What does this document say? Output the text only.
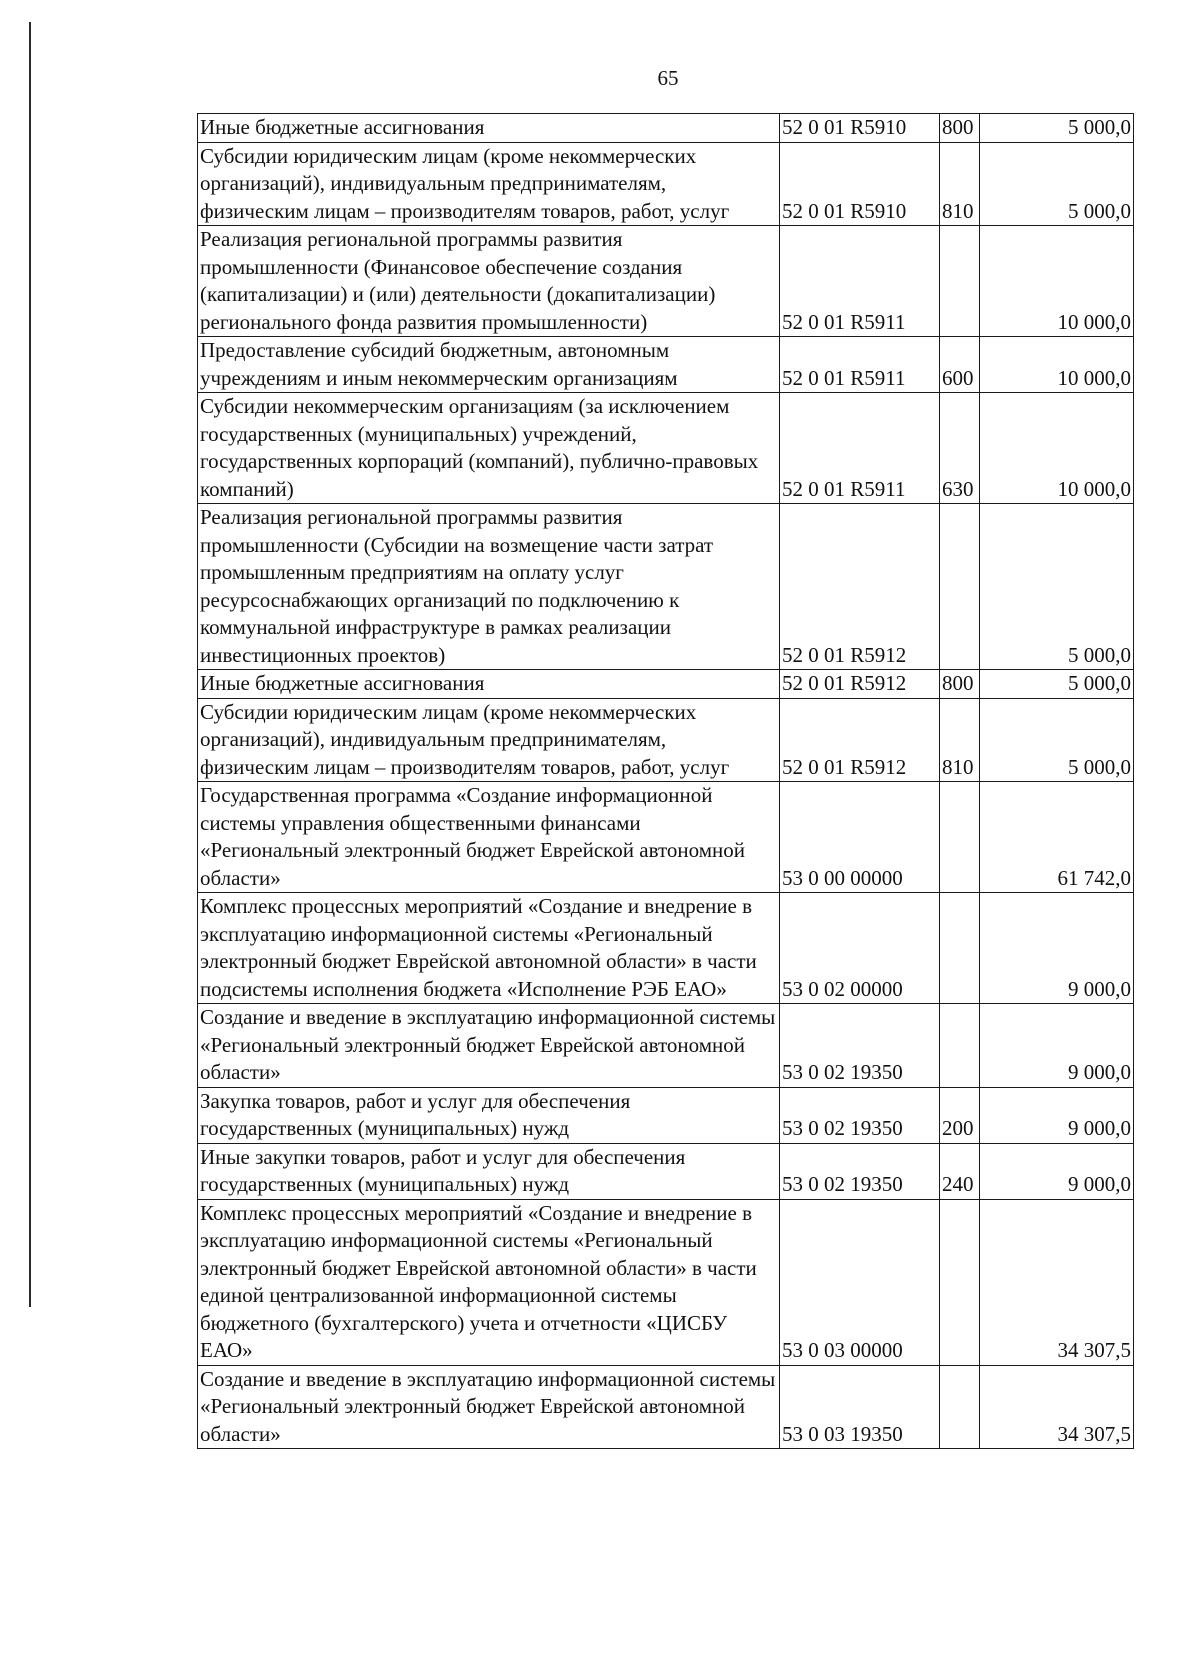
65
Иные бюджетные ассигнования	52 0 01 R5910	800	5 000,0
Субсидии юридическим лицам (кроме некоммерческих организаций), индивидуальным предпринимателям, физическим лицам – производителям товаров, работ, услуг	52 0 01 R5910	810	5 000,0
Реализация региональной программы развития промышленности (Финансовое обеспечение создания (капитализации) и (или) деятельности (докапитализации) регионального фонда развития промышленности)	52 0 01 R5911		10 000,0
Предоставление субсидий бюджетным, автономным учреждениям и иным некоммерческим организациям	52 0 01 R5911	600	10 000,0
Субсидии некоммерческим организациям (за исключением государственных (муниципальных) учреждений, государственных корпораций (компаний), публично-правовых компаний)	52 0 01 R5911	630	10 000,0
Реализация региональной программы развития промышленности (Субсидии на возмещение части затрат промышленным предприятиям на оплату услуг ресурсоснабжающих организаций по подключению к коммунальной инфраструктуре в рамках реализации инвестиционных проектов)	52 0 01 R5912		5 000,0
Иные бюджетные ассигнования	52 0 01 R5912	800	5 000,0
Субсидии юридическим лицам (кроме некоммерческих организаций), индивидуальным предпринимателям, физическим лицам – производителям товаров, работ, услуг	52 0 01 R5912	810	5 000,0
Государственная программа «Создание информационной системы управления общественными финансами «Региональный электронный бюджет Еврейской автономной области»	53 0 00 00000		61 742,0
Комплекс процессных мероприятий «Создание и внедрение в эксплуатацию информационной системы «Региональный электронный бюджет Еврейской автономной области» в части подсистемы исполнения бюджета «Исполнение РЭБ ЕАО»	53 0 02 00000		9 000,0
Создание и введение в эксплуатацию информационной системы «Региональный электронный бюджет Еврейской автономной области»	53 0 02 19350		9 000,0
Закупка товаров, работ и услуг для обеспечения государственных (муниципальных) нужд	53 0 02 19350	200	9 000,0
Иные закупки товаров, работ и услуг для обеспечения государственных (муниципальных) нужд	53 0 02 19350	240	9 000,0
Комплекс процессных мероприятий «Создание и внедрение в эксплуатацию информационной системы «Региональный электронный бюджет Еврейской автономной области» в части единой централизованной информационной системы бюджетного (бухгалтерского) учета и отчетности «ЦИСБУ ЕАО»	53 0 03 00000		34 307,5
Создание и введение в эксплуатацию информационной системы «Региональный электронный бюджет Еврейской автономной области»	53 0 03 19350		34 307,5
